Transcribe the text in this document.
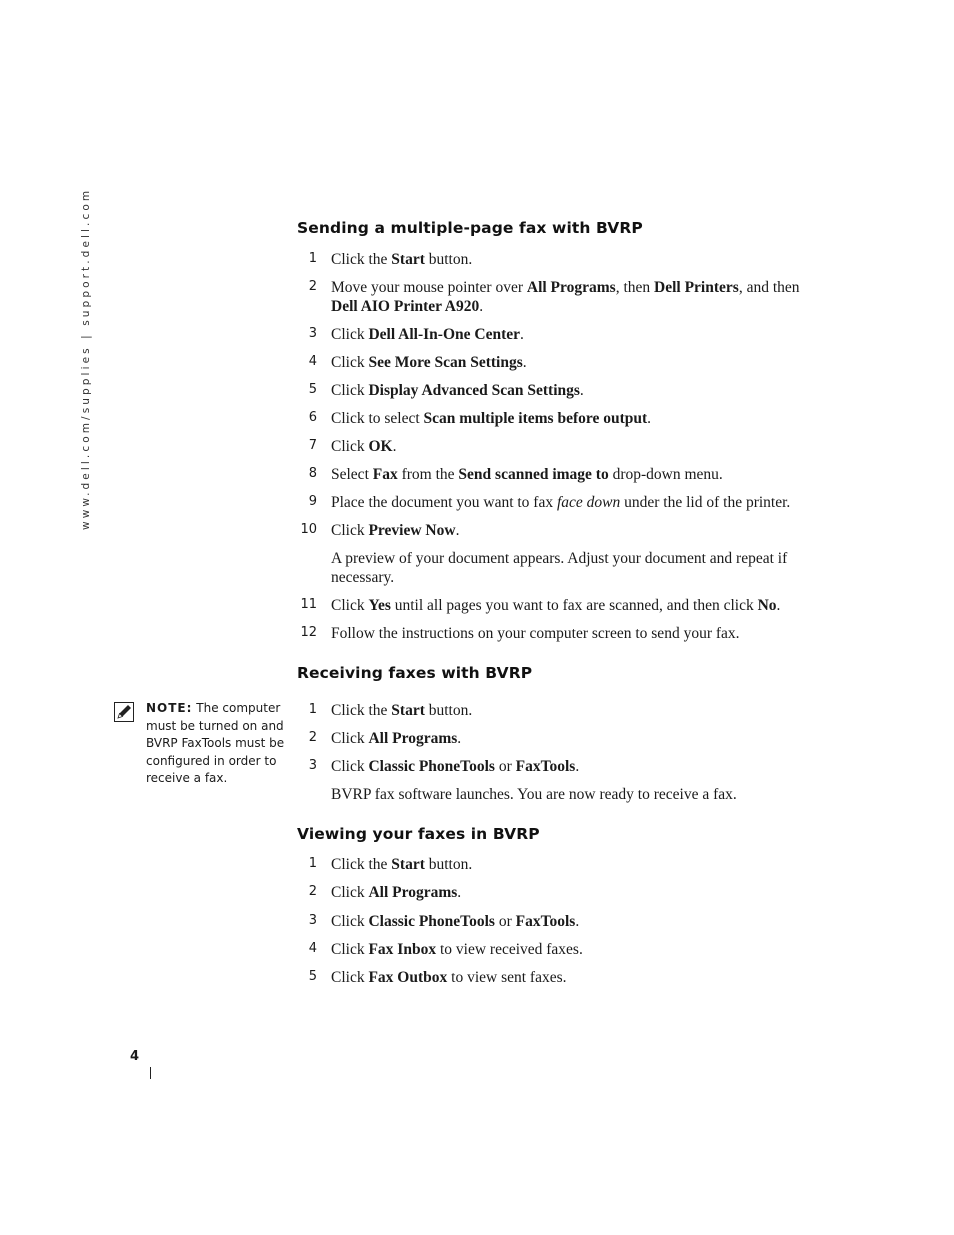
www.dell.com/supplies | support.dell.com	Sending a multiple-page fax with BVRP
1 Click the Start button.
2 Move your mouse pointer over All Programs, then Dell Printers, and then Dell AIO Printer A920.
3 Click Dell All-In-One Center.
4 Click See More Scan Settings.
5 Click Display Advanced Scan Settings.
6 Click to select Scan multiple items before output.
7 Click OK.
8 Select Fax from the Send scanned image to drop-down menu.
9 Place the document you want to fax face down under the lid of the printer.
10 Click Preview Now.
A preview of your document appears. Adjust your document and repeat if necessary.
11 Click Yes until all pages you want to fax are scanned, and then click No.
12 Follow the instructions on your computer screen to send your fax.
Receiving faxes with BVRP
1 Click the Start button.
2 Click All Programs.
3 Click Classic PhoneTools or FaxTools.
BVRP fax software launches. You are now ready to receive a fax.
Viewing your faxes in BVRP
1 Click the Start button.
2 Click All Programs.
3 Click Classic PhoneTools or FaxTools.
4 Click Fax Inbox to view received faxes.
5 Click Fax Outbox to view sent faxes.
NOTE: The computer must be turned on and BVRP FaxTools must be configured in order to receive a fax.
4
